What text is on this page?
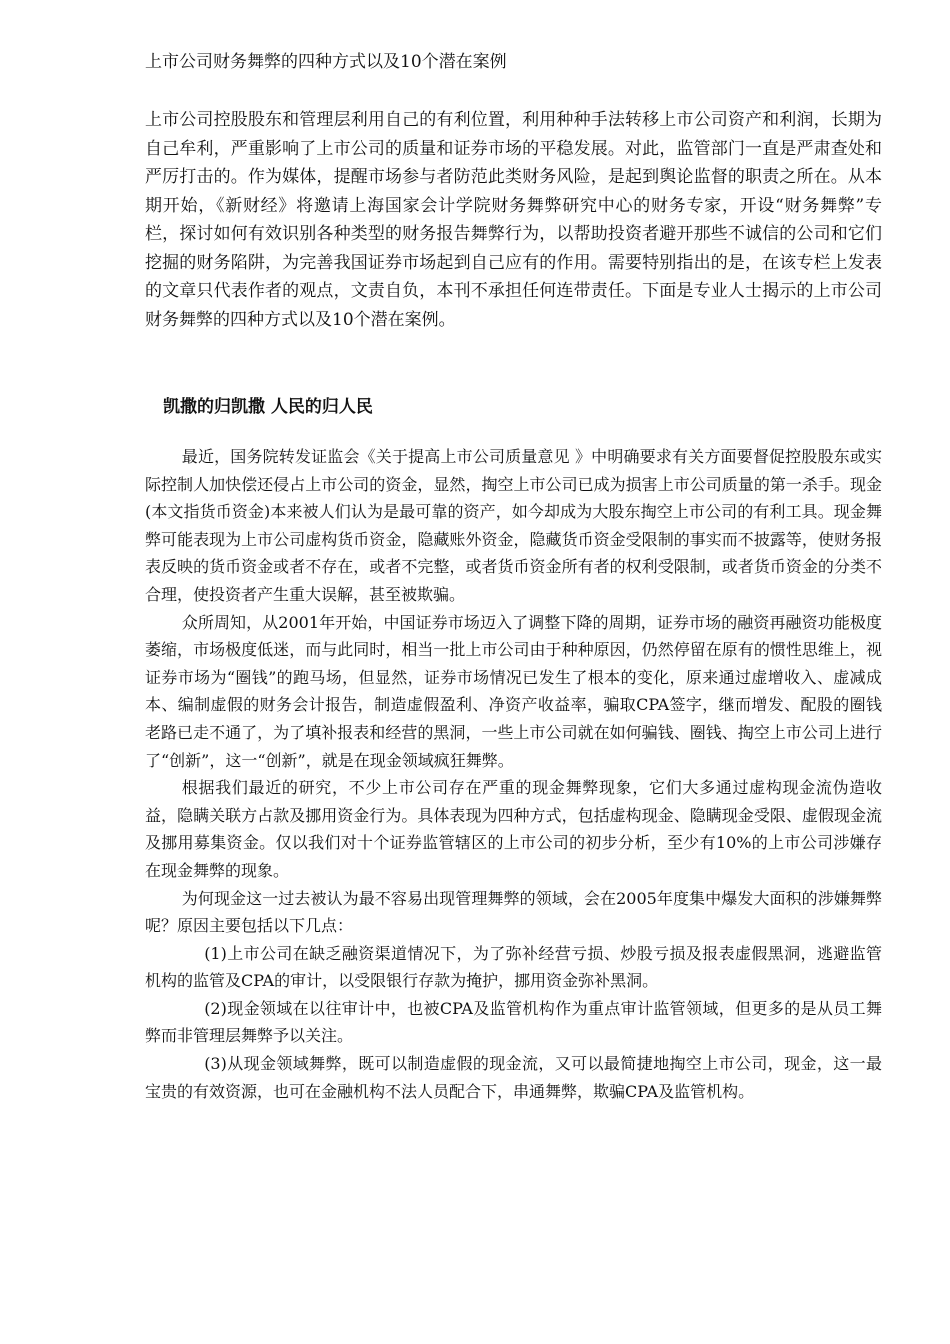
上市公司财务舞弊的四种方式以及10个潜在案例

上市公司控股股东和管理层利用自己的有利位置，利用种种手法转移上市公司资产和利润，长期为自己牟利，严重影响了上市公司的质量和证券市场的平稳发展。对此，监管部门一直是严肃查处和严厉打击的。作为媒体，提醒市场参与者防范此类财务风险，是起到舆论监督的职责之所在。从本期开始，《新财经》将邀请上海国家会计学院财务舞弊研究中心的财务专家，开设“财务舞弊”专栏，探讨如何有效识别各种类型的财务报告舞弊行为，以帮助投资者避开那些不诚信的公司和它们挖掘的财务陷阱，为完善我国证券市场起到自己应有的作用。需要特别指出的是，在该专栏上发表的文章只代表作者的观点，文责自负，本刊不承担任何连带责任。下面是专业人士揭示的上市公司财务舞弊的四种方式以及10个潜在案例。

凯撒的归凯撒 人民的归人民

最近，国务院转发证监会《关于提高上市公司质量意见 》中明确要求有关方面要督促控股股东或实际控制人加快偿还侵占上市公司的资金，显然，掏空上市公司已成为损害上市公司质量的第一杀手。现金(本文指货币资金)本来被人们认为是最可靠的资产，如今却成为大股东掏空上市公司的有利工具。现金舞弊可能表现为上市公司虚构货币资金，隐藏账外资金，隐藏货币资金受限制的事实而不披露等，使财务报表反映的货币资金或者不存在，或者不完整，或者货币资金所有者的权利受限制，或者货币资金的分类不合理，使投资者产生重大误解，甚至被欺骗。

众所周知，从2001年开始，中国证券市场迈入了调整下降的周期，证券市场的融资再融资功能极度萎缩，市场极度低迷，而与此同时，相当一批上市公司由于种种原因，仍然停留在原有的惯性思维上，视证券市场为“圈钱”的跑马场，但显然，证券市场情况已发生了根本的变化，原来通过虚增收入、虚减成本、编制虚假的财务会计报告，制造虚假盈利、净资产收益率，骗取CPA签字，继而增发、配股的圈钱老路已走不通了，为了填补报表和经营的黑洞，一些上市公司就在如何骗钱、圈钱、掏空上市公司上进行了“创新”，这一“创新”，就是在现金领域疯狂舞弊。

根据我们最近的研究，不少上市公司存在严重的现金舞弊现象，它们大多通过虚构现金流伪造收益，隐瞒关联方占款及挪用资金行为。具体表现为四种方式，包括虚构现金、隐瞒现金受限、虚假现金流及挪用募集资金。仅以我们对十个证券监管辖区的上市公司的初步分析，至少有10%的上市公司涉嫌存在现金舞弊的现象。

为何现金这一过去被认为最不容易出现管理舞弊的领域，会在2005年度集中爆发大面积的涉嫌舞弊呢？原因主要包括以下几点：

(1)上市公司在缺乏融资渠道情况下，为了弥补经营亏损、炒股亏损及报表虚假黑洞，逃避监管机构的监管及CPA的审计，以受限银行存款为掩护，挪用资金弥补黑洞。

(2)现金领域在以往审计中，也被CPA及监管机构作为重点审计监管领域，但更多的是从员工舞弊而非管理层舞弊予以关注。

(3)从现金领域舞弊，既可以制造虚假的现金流，又可以最简捷地掏空上市公司，现金，这一最宝贵的有效资源，也可在金融机构不法人员配合下，串通舞弊，欺骗CPA及监管机构。
